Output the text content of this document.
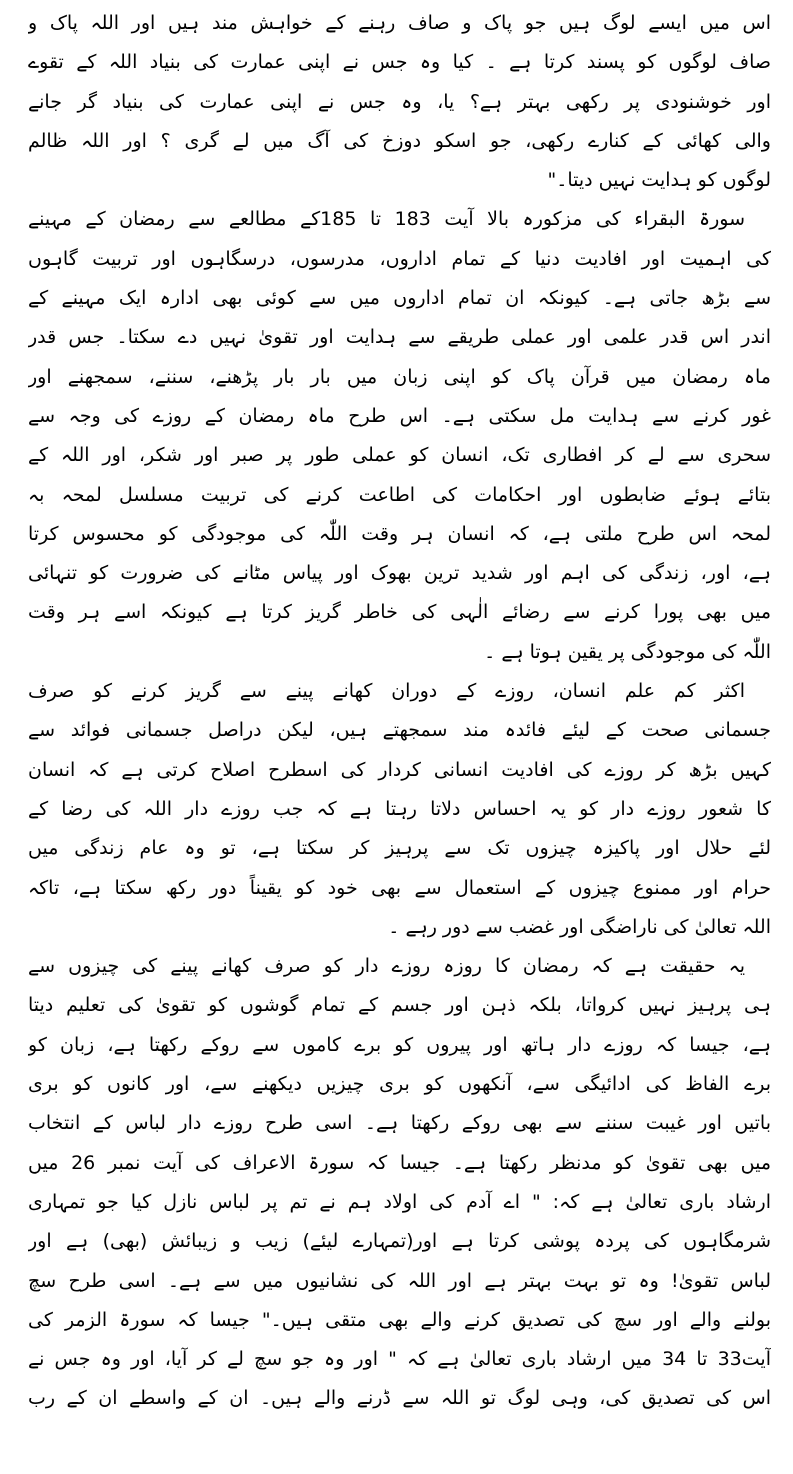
اس میں ایسے لوگ ہیں جو پاک و صاف رہنے کے خواہش مند ہیں اور اللہ پاک و
صاف لوگوں کو پسند کرتا ہے ۔ کیا وہ جس نے اپنی عمارت کی بنیاد اللہ کے تقوے
اور خوشنودی پر رکھی بہتر ہے؟ یا، وہ جس نے اپنی عمارت کی بنیاد گر جانے
والی کھائی کے کنارے رکھی، جو اسکو دوزخ کی آگ میں لے گری ؟ اور اللہ ظالم
لوگوں کو ہدایت نہیں دیتا۔"
سورۃ البقراء کی مزکورہ بالا آیت 183 تا 185کے مطالعے سے رمضان کے مہینے
کی اہمیت اور افادیت دنیا کے تمام اداروں، مدرسوں، درسگاہوں اور تربیت گاہوں
سے بڑھ جاتی ہے۔ کیونکہ ان تمام اداروں میں سے کوئی بھی ادارہ ایک مہینے کے
اندر اس قدر علمی اور عملی طریقے سے ہدایت اور تقویٰ نہیں دے سکتا۔ جس قدر
ماہ رمضان میں قرآن پاک کو اپنی زبان میں بار بار پڑھنے، سننے، سمجھنے اور
غور کرنے سے ہدایت مل سکتی ہے۔ اس طرح ماہ رمضان کے روزے کی وجہ سے
سحری سے لے کر افطاری تک، انسان کو عملی طور پر صبر اور شکر، اور اللہ کے
بتائے ہوئے ضابطوں اور احکامات کی اطاعت کرنے کی تربیت مسلسل لمحہ بہ
لمحہ اس طرح ملتی ہے، کہ انسان ہر وقت اللّٰہ کی موجودگی کو محسوس کرتا
ہے، اور، زندگی کی اہم اور شدید ترین بھوک اور پیاس مٹانے کی ضرورت کو تنہائی
میں بھی پورا کرنے سے رضائے الٰہی کی خاطر گریز کرتا ہے کیونکہ اسے ہر وقت
اللّٰہ کی موجودگی پر یقین ہوتا ہے ۔
اکثر کم علم انسان، روزے کے دوران کھانے پینے سے گریز کرنے کو صرف
جسمانی صحت کے لیئے فائدہ مند سمجھتے ہیں، لیکن دراصل جسمانی فوائد سے
کہیں بڑھ کر روزے کی افادیت انسانی کردار کی اسطرح اصلاح کرتی ہے کہ انسان
کا شعور روزے دار کو یہ احساس دلاتا رہتا ہے کہ جب روزے دار اللہ کی رضا کے
لئے حلال اور پاکیزہ چیزوں تک سے پرہیز کر سکتا ہے، تو وہ عام زندگی میں
حرام اور ممنوع چیزوں کے استعمال سے بھی خود کو یقیناً دور رکھ سکتا ہے، تاکہ
اللہ تعالیٰ کی ناراضگی اور غضب سے دور رہے ۔
یہ حقیقت ہے کہ رمضان کا روزہ روزے دار کو صرف کھانے پینے کی چیزوں سے
ہی پرہیز نہیں کرواتا، بلکہ ذہن اور جسم کے تمام گوشوں کو تقویٰ کی تعلیم دیتا
ہے، جیسا کہ روزے دار ہاتھ اور پیروں کو برے کاموں سے روکے رکھتا ہے، زبان کو
برے الفاظ کی ادائیگی سے، آنکھوں کو بری چیزیں دیکھنے سے، اور کانوں کو بری
باتیں اور غیبت سننے سے بھی روکے رکھتا ہے۔ اسی طرح روزے دار لباس کے انتخاب
میں بھی تقویٰ کو مدنظر رکھتا ہے۔ جیسا کہ سورۃ الاعراف کی آیت نمبر 26 میں
ارشاد باری تعالیٰ ہے کہ: " اے آدم کی اولاد ہم نے تم پر لباس نازل کیا جو تمہاری
شرمگاہوں کی پردہ پوشی کرتا ہے اور(تمہارے لیئے) زیب و زیبائش (بھی) ہے اور
لباس تقویٰ! وہ تو بہت بہتر ہے اور اللہ کی نشانیوں میں سے ہے۔ اسی طرح سچ
بولنے والے اور سچ کی تصدیق کرنے والے بھی متقی ہیں۔" جیسا کہ سورۃ الزمر کی
آیت33 تا 34 میں ارشاد باری تعالیٰ ہے کہ " اور وہ جو سچ لے کر آیا، اور وہ جس نے
اس کی تصدیق کی، وہی لوگ تو اللہ سے ڈرنے والے ہیں۔ ان کے واسطے ان کے رب
